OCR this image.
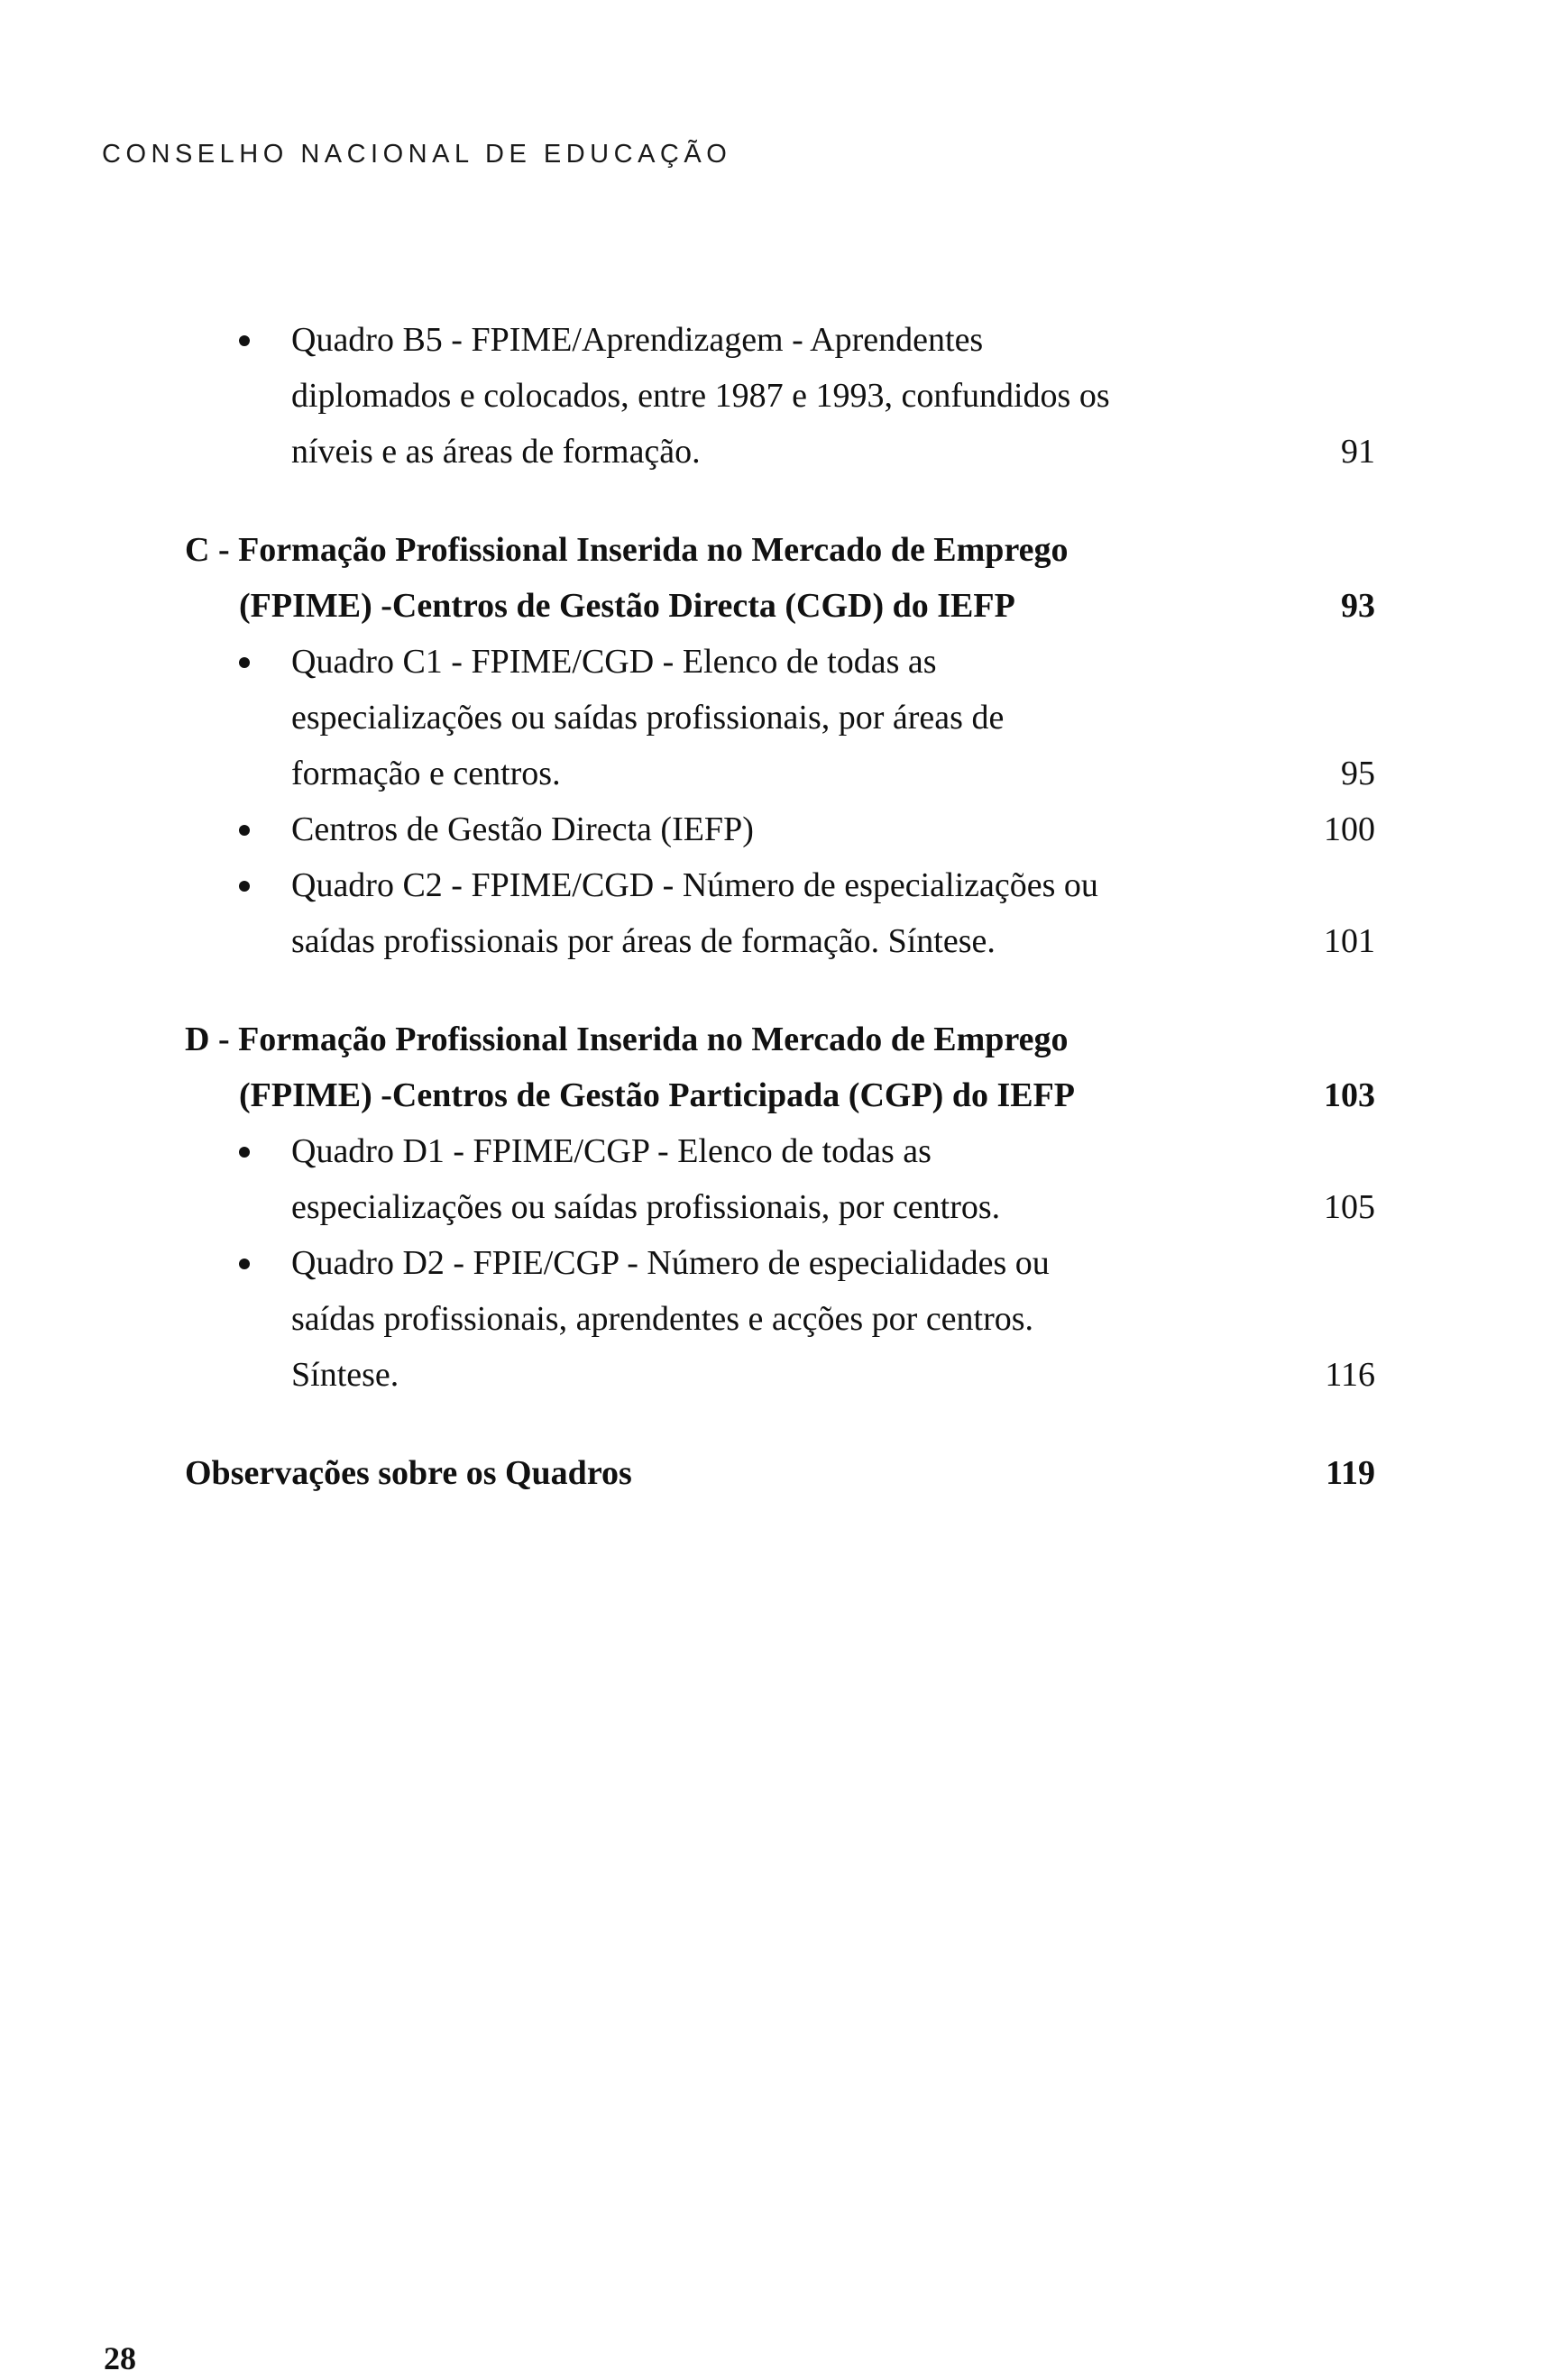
CONSELHO NACIONAL DE EDUCAÇÃO
Quadro B5 - FPIME/Aprendizagem - Aprendentes
diplomados e colocados, entre 1987 e 1993, confundidos os
níveis e as áreas de formação.	91
C - Formação Profissional Inserida no Mercado de Emprego
(FPIME) -Centros de Gestão Directa (CGD) do IEFP	93
Quadro C1 - FPIME/CGD - Elenco de todas as
especializações ou saídas profissionais, por áreas de
formação e centros.	95
Centros de Gestão Directa (IEFP)	100
Quadro C2 - FPIME/CGD - Número de especializações ou
saídas profissionais por áreas de formação. Síntese.	101
D - Formação Profissional Inserida no Mercado de Emprego
(FPIME) -Centros de Gestão Participada (CGP) do IEFP	103
Quadro D1 - FPIME/CGP - Elenco de todas as
especializações ou saídas profissionais, por centros.	105
Quadro D2 - FPIE/CGP - Número de especialidades ou
saídas profissionais, aprendentes e acções por centros.
Síntese.	116
Observações sobre os Quadros	119
28
